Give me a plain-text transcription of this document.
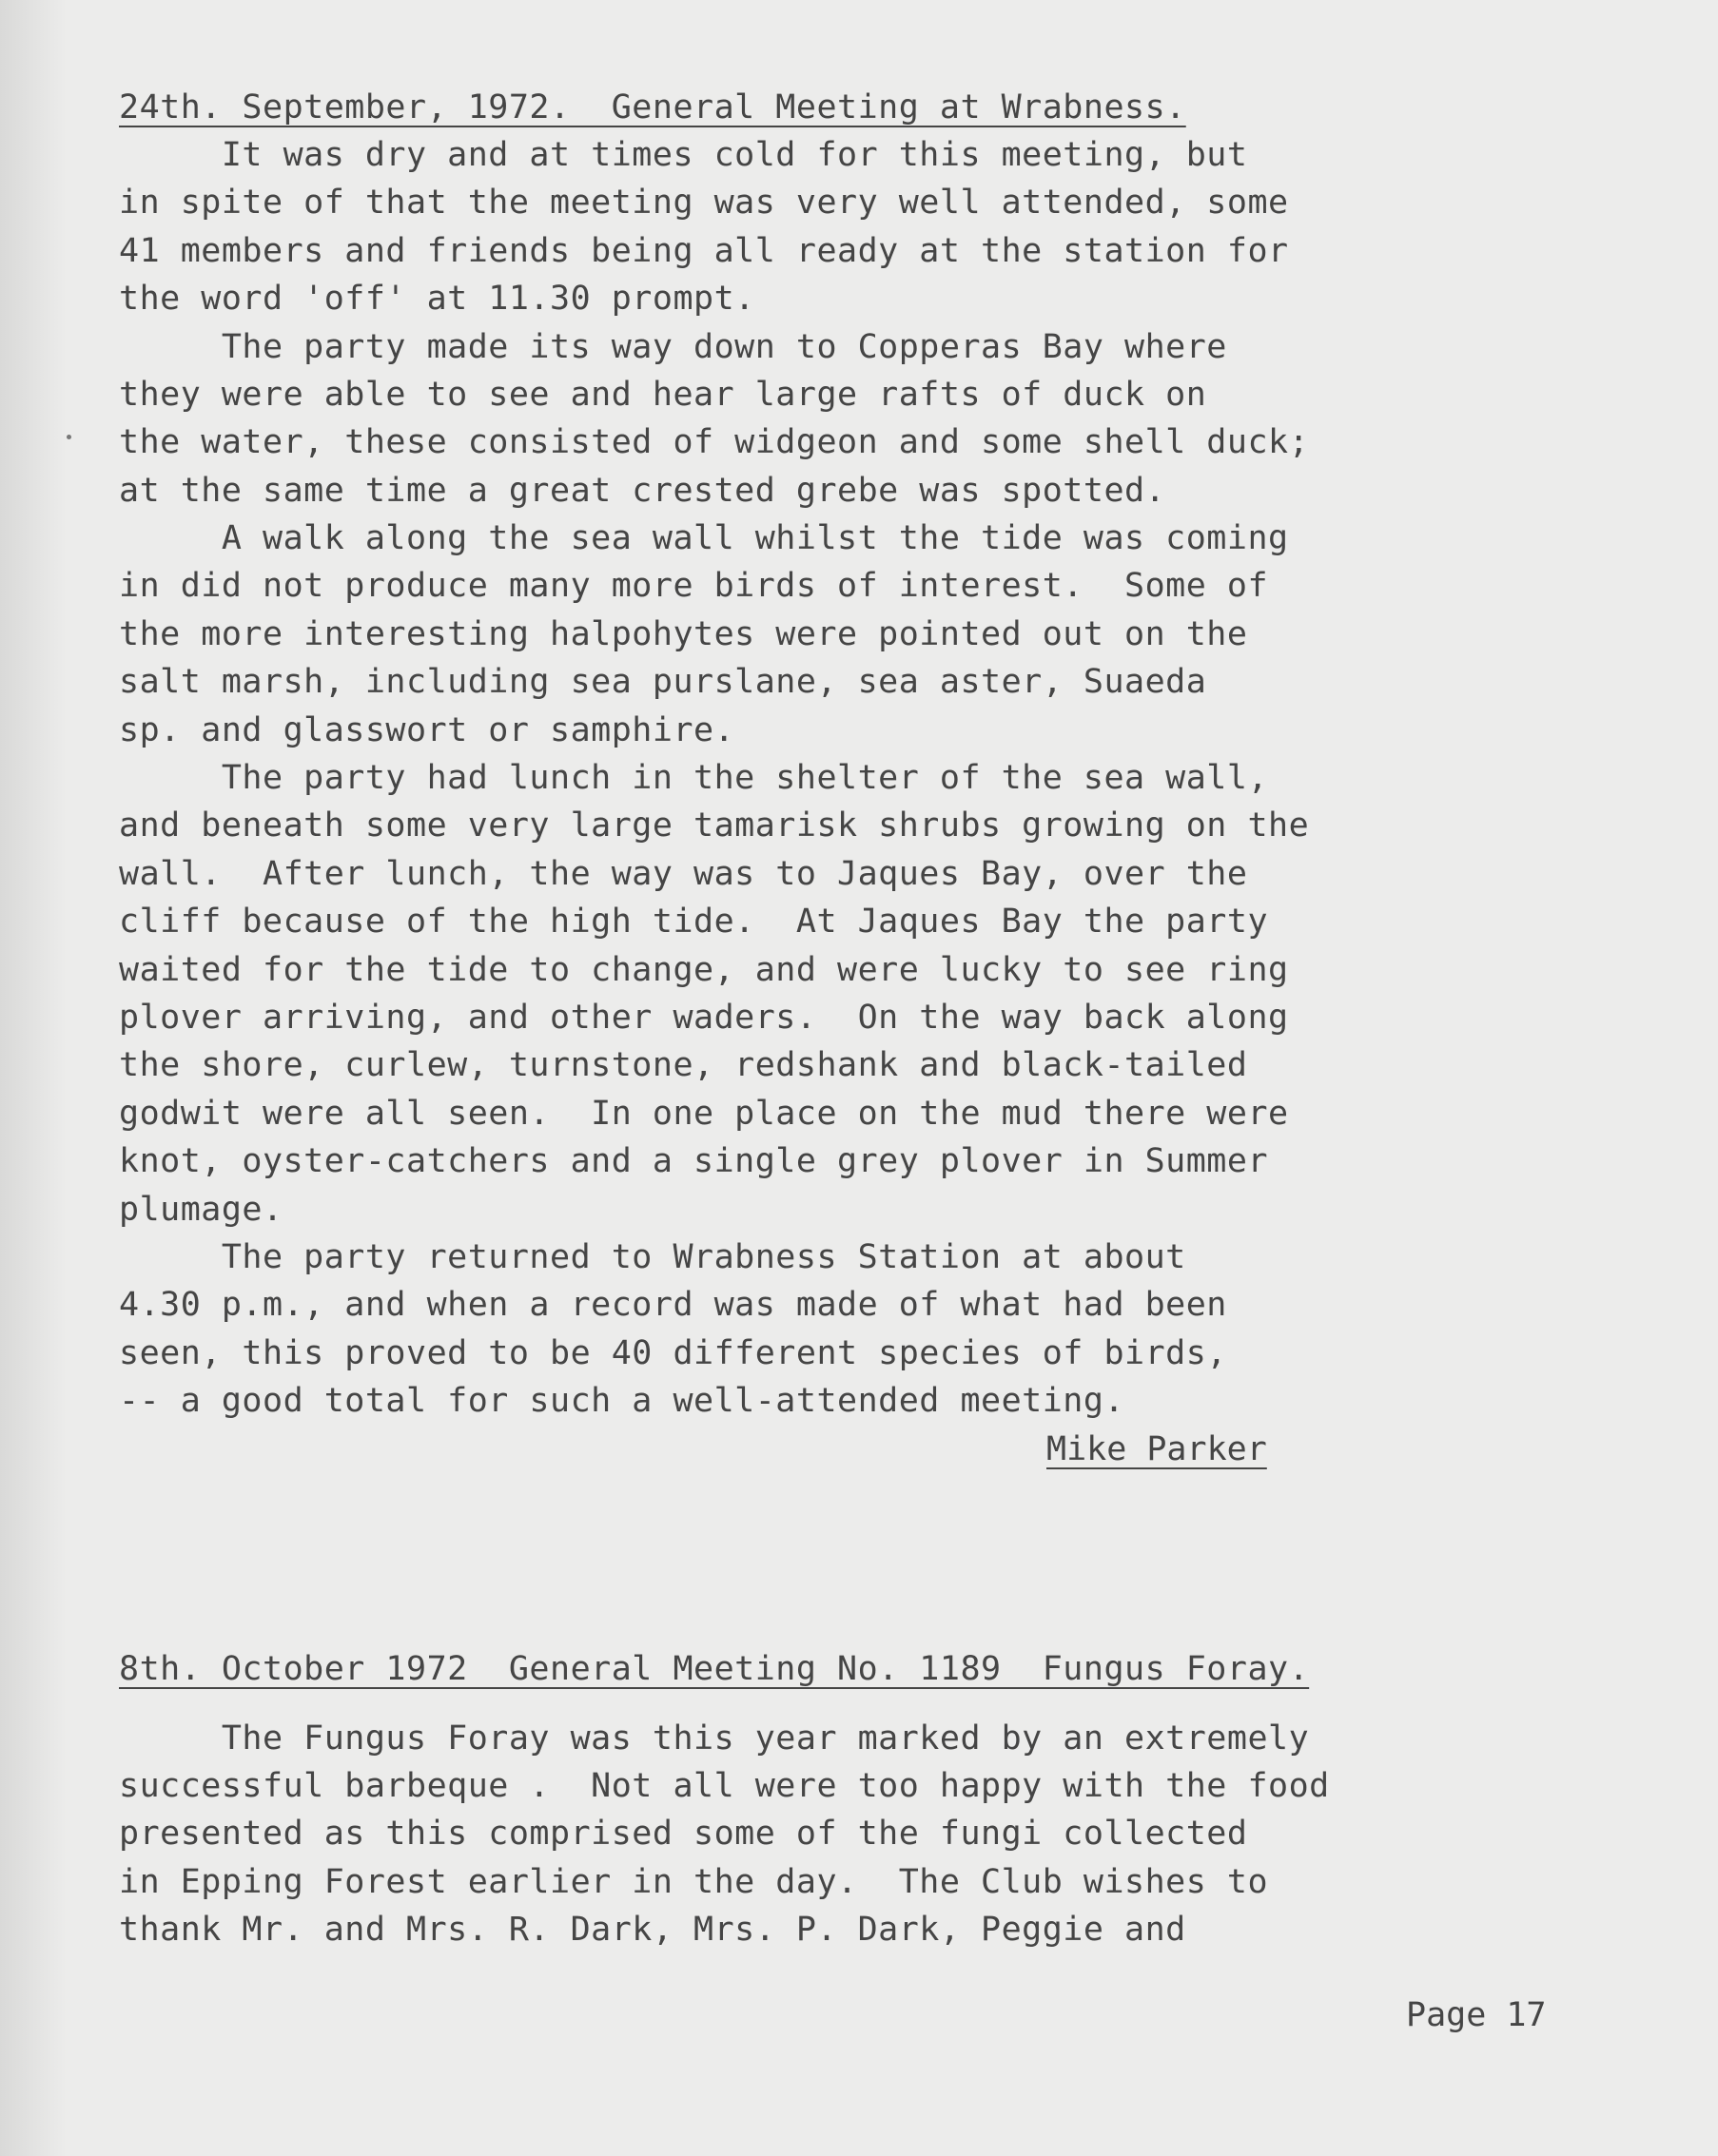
24th. September, 1972.  General Meeting at Wrabness.
It was dry and at times cold for this meeting, but
in spite of that the meeting was very well attended, some
41 members and friends being all ready at the station for
the word 'off' at 11.30 prompt.
The party made its way down to Copperas Bay where
they were able to see and hear large rafts of duck on
the water, these consisted of widgeon and some shell duck;
at the same time a great crested grebe was spotted.
A walk along the sea wall whilst the tide was coming
in did not produce many more birds of interest.  Some of
the more interesting halpohytes were pointed out on the
salt marsh, including sea purslane, sea aster, Suaeda
sp. and glasswort or samphire.
The party had lunch in the shelter of the sea wall,
and beneath some very large tamarisk shrubs growing on the
wall.  After lunch, the way was to Jaques Bay, over the
cliff because of the high tide.  At Jaques Bay the party
waited for the tide to change, and were lucky to see ring
plover arriving, and other waders.  On the way back along
the shore, curlew, turnstone, redshank and black-tailed
godwit were all seen.  In one place on the mud there were
knot, oyster-catchers and a single grey plover in Summer
plumage.
The party returned to Wrabness Station at about
4.30 p.m., and when a record was made of what had been
seen, this proved to be 40 different species of birds,
-- a good total for such a well-attended meeting.
Mike Parker
8th. October 1972  General Meeting No. 1189  Fungus Foray.
The Fungus Foray was this year marked by an extremely
successful barbeque .  Not all were too happy with the food
presented as this comprised some of the fungi collected
in Epping Forest earlier in the day.  The Club wishes to
thank Mr. and Mrs. R. Dark, Mrs. P. Dark, Peggie and
Page 17
